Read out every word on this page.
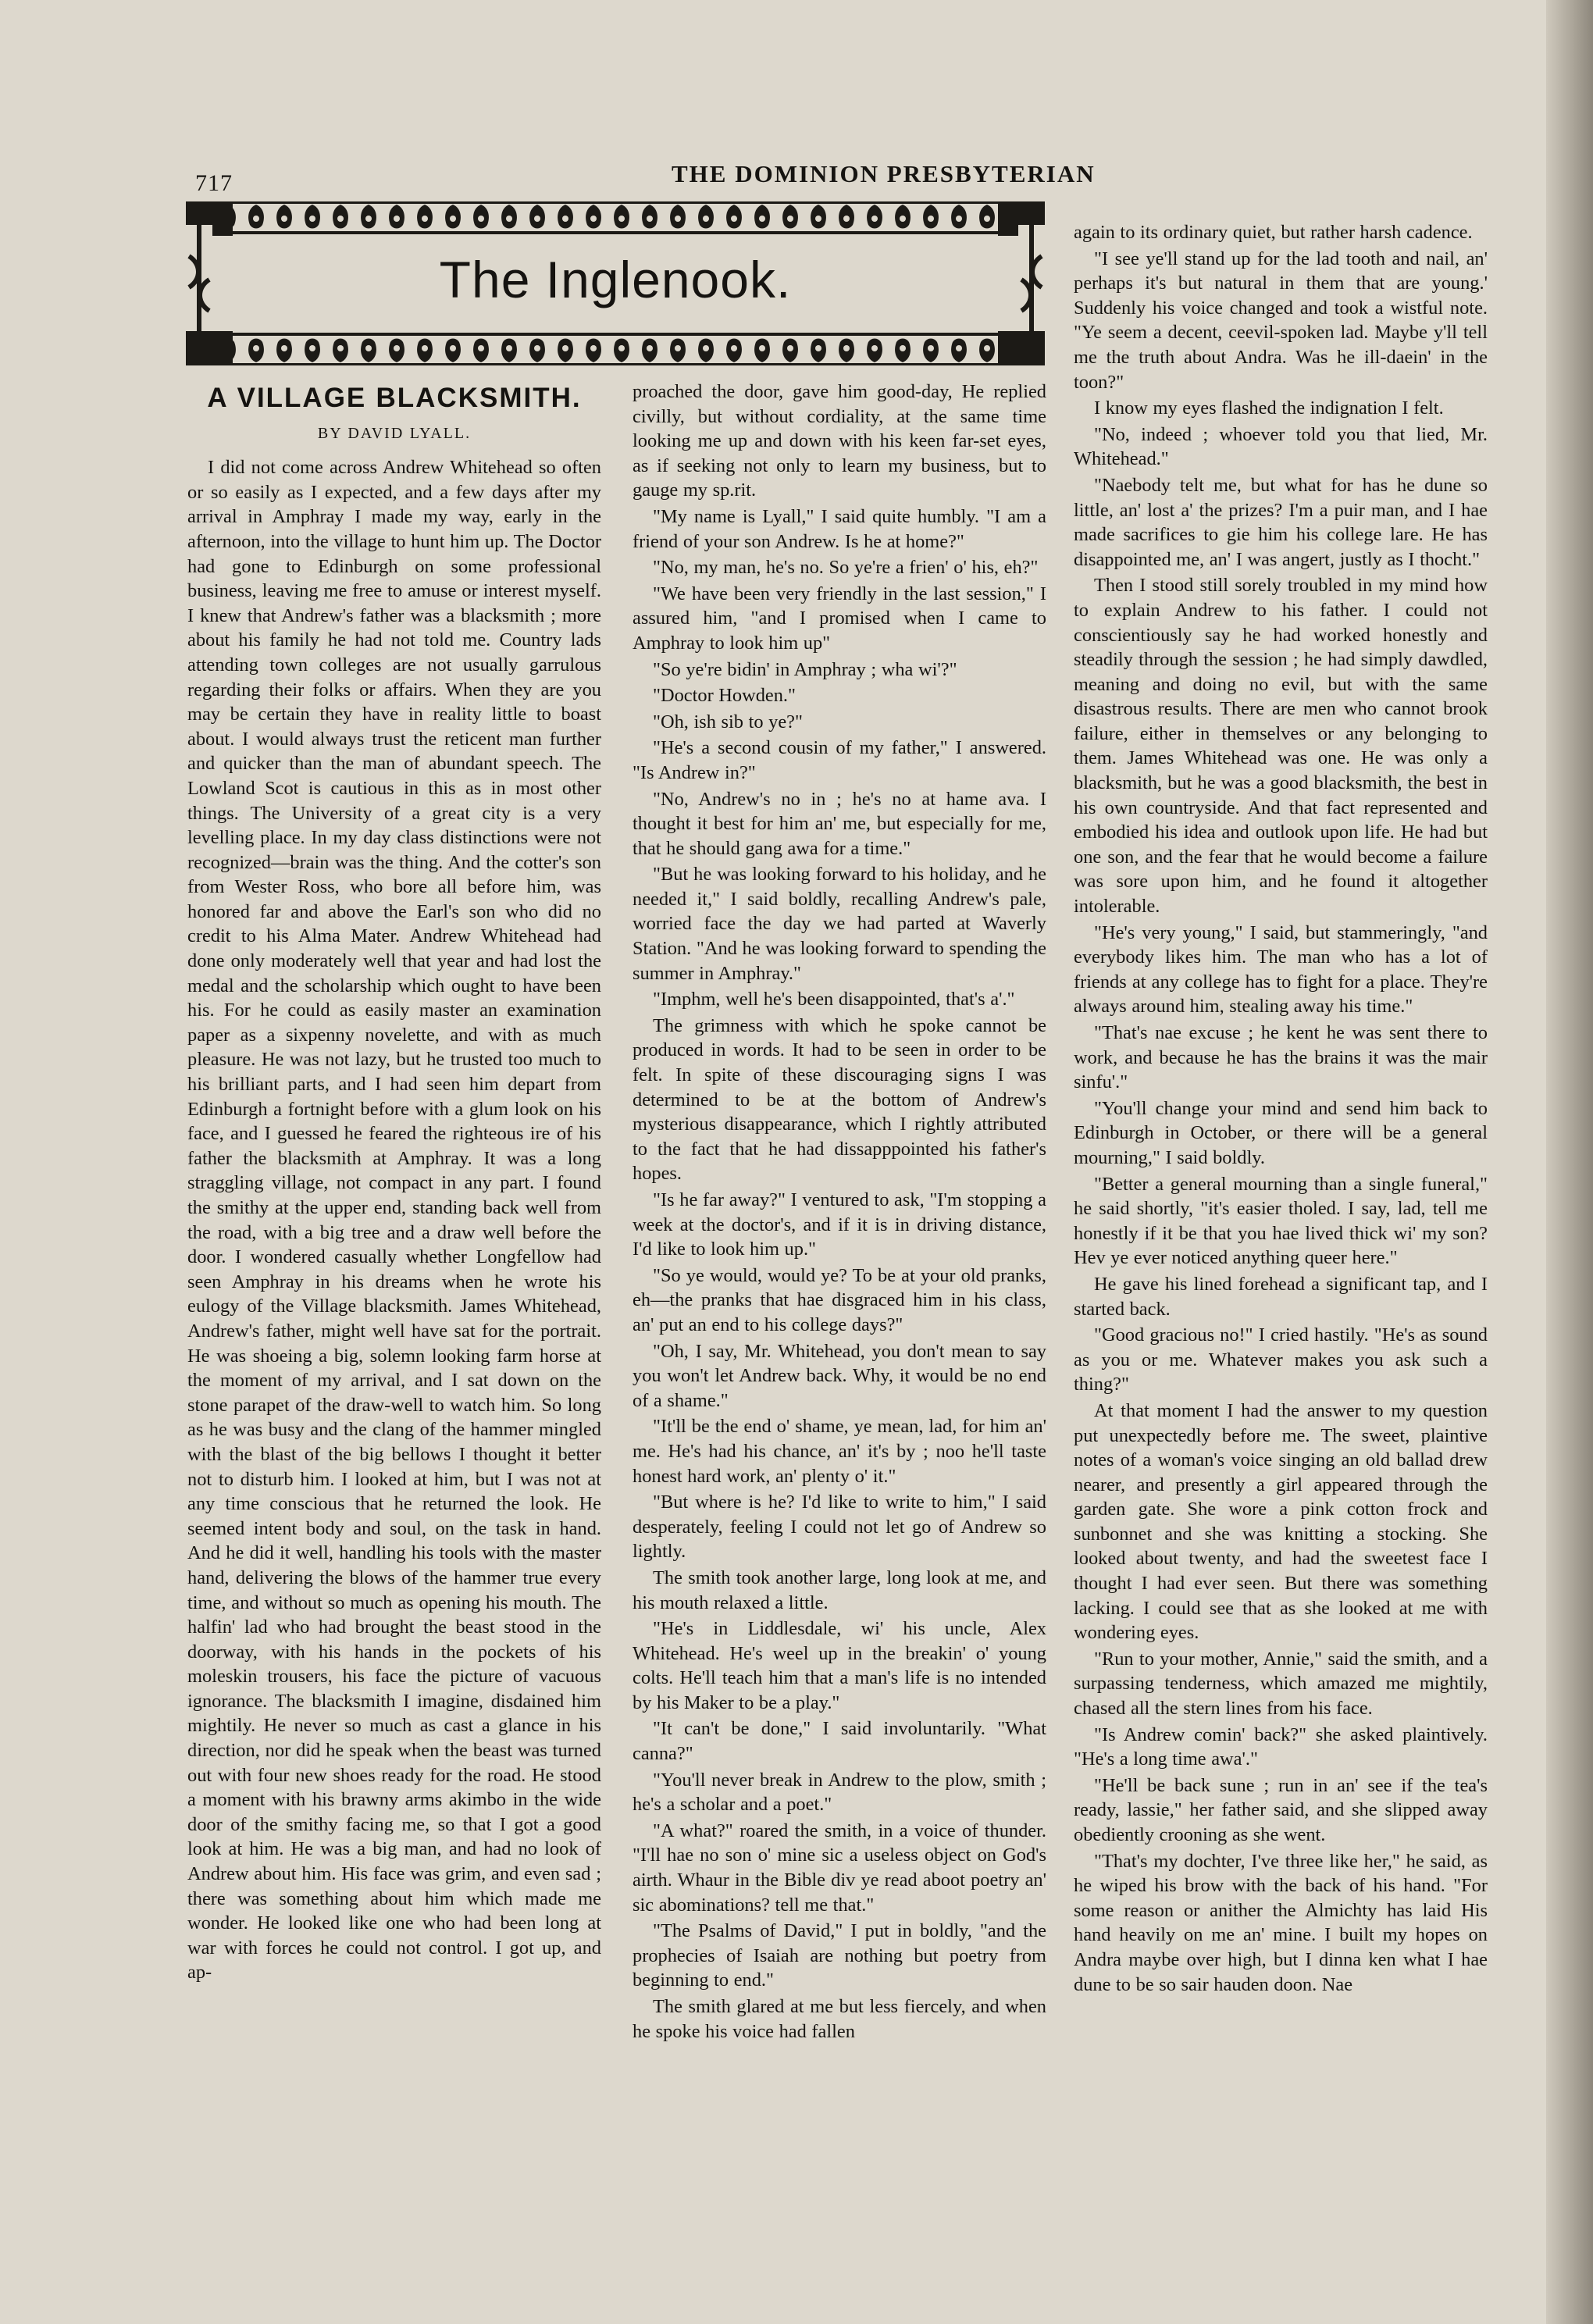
717	THE DOMINION PRESBYTERIAN
The Inglenook.
A VILLAGE BLACKSMITH.
BY DAVID LYALL.

I did not come across Andrew Whitehead so often or so easily as I expected, and a few days after my arrival in Amphray I made my way, early in the afternoon, into the village to hunt him up. The Doctor had gone to Edinburgh on some professional business, leaving me free to amuse or interest myself. I knew that Andrew's father was a blacksmith ; more about his family he had not told me. Country lads attending town colleges are not usually garrulous regarding their folks or affairs. When they are you may be certain they have in reality little to boast about. I would always trust the reticent man further and quicker than the man of abundant speech. The Lowland Scot is cautious in this as in most other things. The University of a great city is a very levelling place. In my day class distinctions were not recognized—brain was the thing. And the cotter's son from Wester Ross, who bore all before him, was honored far and above the Earl's son who did no credit to his Alma Mater. Andrew Whitehead had done only moderately well that year and had lost the medal and the scholarship which ought to have been his. For he could as easily master an examination paper as a sixpenny novelette, and with as much pleasure. He was not lazy, but he trusted too much to his brilliant parts, and I had seen him depart from Edinburgh a fortnight before with a glum look on his face, and I guessed he feared the righteous ire of his father the blacksmith at Amphray. It was a long straggling village, not compact in any part. I found the smithy at the upper end, standing back well from the road, with a big tree and a draw well before the door. I wondered casually whether Longfellow had seen Amphray in his dreams when he wrote his eulogy of the Village blacksmith. James Whitehead, Andrew's father, might well have sat for the portrait. He was shoeing a big, solemn looking farm horse at the moment of my arrival, and I sat down on the stone parapet of the draw-well to watch him. So long as he was busy and the clang of the hammer mingled with the blast of the big bellows I thought it better not to disturb him. I looked at him, but I was not at any time conscious that he returned the look. He seemed intent body and soul, on the task in hand. And he did it well, handling his tools with the master hand, delivering the blows of the hammer true every time, and without so much as opening his mouth. The halfin' lad who had brought the beast stood in the doorway, with his hands in the pockets of his moleskin trousers, his face the picture of vacuous ignorance. The blacksmith I imagine, disdained him mightily. He never so much as cast a glance in his direction, nor did he speak when the beast was turned out with four new shoes ready for the road. He stood a moment with his brawny arms akimbo in the wide door of the smithy facing me, so that I got a good look at him. He was a big man, and had no look of Andrew about him. His face was grim, and even sad ; there was something about him which made me wonder. He looked like one who had been long at war with forces he could not control. I got up, and ap-

proached the door, gave him good-day, He replied civilly, but without cordiality, at the same time looking me up and down with his keen far-set eyes, as if seeking not only to learn my business, but to gauge my sp.rit.

"My name is Lyall," I said quite humbly. "I am a friend of your son Andrew. Is he at home?"

"No, my man, he's no. So ye're a frien' o' his, eh?"

"We have been very friendly in the last session," I assured him, "and I promised when I came to Amphray to look him up"

"So ye're bidin' in Amphray ; wha wi'?"

"Doctor Howden."

"Oh, ish sib to ye?"

"He's a second cousin of my father," I answered. "Is Andrew in?"

"No, Andrew's no in ; he's no at hame ava. I thought it best for him an' me, but especially for me, that he should gang awa for a time."

"But he was looking forward to his holiday, and he needed it," I said boldly, recalling Andrew's pale, worried face the day we had parted at Waverly Station. "And he was looking forward to spending the summer in Amphray."

"Imphm, well he's been disappointed, that's a'."

The grimness with which he spoke cannot be produced in words. It had to be seen in order to be felt. In spite of these discouraging signs I was determined to be at the bottom of Andrew's mysterious disappearance, which I rightly attributed to the fact that he had dissapppointed his father's hopes.

"Is he far away?" I ventured to ask, "I'm stopping a week at the doctor's, and if it is in driving distance, I'd like to look him up."

"So ye would, would ye? To be at your old pranks, eh—the pranks that hae disgraced him in his class, an' put an end to his college days?"

"Oh, I say, Mr. Whitehead, you don't mean to say you won't let Andrew back. Why, it would be no end of a shame."

"It'll be the end o' shame, ye mean, lad, for him an' me. He's had his chance, an' it's by ; noo he'll taste honest hard work, an' plenty o' it."

"But where is he? I'd like to write to him," I said desperately, feeling I could not let go of Andrew so lightly.

The smith took another large, long look at me, and his mouth relaxed a little.

"He's in Liddlesdale, wi' his uncle, Alex Whitehead. He's weel up in the breakin' o' young colts. He'll teach him that a man's life is no intended by his Maker to be a play."

"It can't be done," I said involuntarily. "What canna?"

"You'll never break in Andrew to the plow, smith ; he's a scholar and a poet."

"A what?" roared the smith, in a voice of thunder. "I'll hae no son o' mine sic a useless object on God's airth. Whaur in the Bible div ye read aboot poetry an' sic abominations? tell me that."

"The Psalms of David," I put in boldly, "and the prophecies of Isaiah are nothing but poetry from beginning to end."

The smith glared at me but less fiercely, and when he spoke his voice had fallen

again to its ordinary quiet, but rather harsh cadence.

"I see ye'll stand up for the lad tooth and nail, an' perhaps it's but natural in them that are young.' Suddenly his voice changed and took a wistful note. "Ye seem a decent, ceevil-spoken lad. Maybe y'll tell me the truth about Andra. Was he ill-daein' in the toon?"

I know my eyes flashed the indignation I felt.

"No, indeed ; whoever told you that lied, Mr. Whitehead."

"Naebody telt me, but what for has he dune so little, an' lost a' the prizes? I'm a puir man, and I hae made sacrifices to gie him his college lare. He has disappointed me, an' I was angert, justly as I thocht."

Then I stood still sorely troubled in my mind how to explain Andrew to his father. I could not conscientiously say he had worked honestly and steadily through the session ; he had simply dawdled, meaning and doing no evil, but with the same disastrous results. There are men who cannot brook failure, either in themselves or any belonging to them. James Whitehead was one. He was only a blacksmith, but he was a good blacksmith, the best in his own countryside. And that fact represented and embodied his idea and outlook upon life. He had but one son, and the fear that he would become a failure was sore upon him, and he found it altogether intolerable.

"He's very young," I said, but stammeringly, "and everybody likes him. The man who has a lot of friends at any college has to fight for a place. They're always around him, stealing away his time."

"That's nae excuse ; he kent he was sent there to work, and because he has the brains it was the mair sinfu'."

"You'll change your mind and send him back to Edinburgh in October, or there will be a general mourning," I said boldly.

"Better a general mourning than a single funeral," he said shortly, "it's easier tholed. I say, lad, tell me honestly if it be that you hae lived thick wi' my son? Hev ye ever noticed anything queer here."

He gave his lined forehead a significant tap, and I started back.

"Good gracious no!" I cried hastily. "He's as sound as you or me. Whatever makes you ask such a thing?"

At that moment I had the answer to my question put unexpectedly before me. The sweet, plaintive notes of a woman's voice singing an old ballad drew nearer, and presently a girl appeared through the garden gate. She wore a pink cotton frock and sunbonnet and she was knitting a stocking. She looked about twenty, and had the sweetest face I thought I had ever seen. But there was something lacking. I could see that as she looked at me with wondering eyes.

"Run to your mother, Annie," said the smith, and a surpassing tenderness, which amazed me mightily, chased all the stern lines from his face.

"Is Andrew comin' back?" she asked plaintively. "He's a long time awa'."

"He'll be back sune ; run in an' see if the tea's ready, lassie," her father said, and she slipped away obediently crooning as she went.

"That's my dochter, I've three like her," he said, as he wiped his brow with the back of his hand. "For some reason or anither the Almichty has laid His hand heavily on me an' mine. I built my hopes on Andra maybe over high, but I dinna ken what I hae dune to be so sair hauden doon. Nae
